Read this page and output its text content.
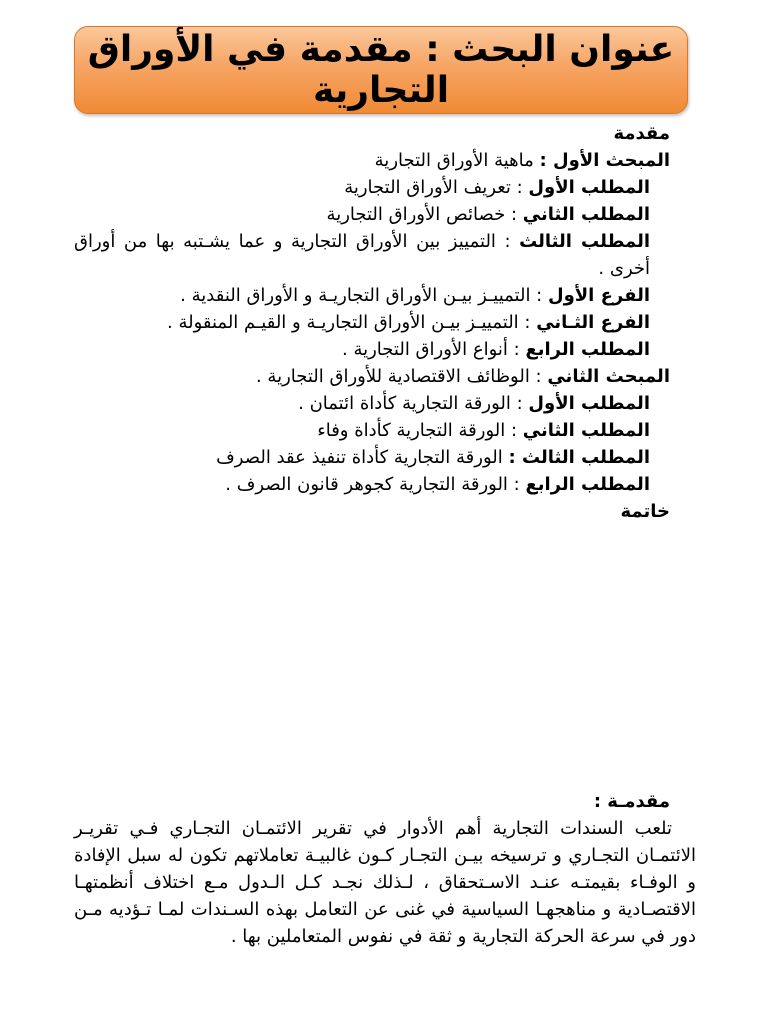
عنوان البحث : مقدمة في الأوراق التجارية
مقدمة
المبحث الأول : ماهية الأوراق التجارية
المطلب الأول : تعريف الأوراق التجارية
المطلب الثاني : خصائص الأوراق التجارية
المطلب الثالث : التمييز بين الأوراق التجارية و عما يشـتبه بها من أوراق أخرى .
الفرع الأول : التمييـز بيـن الأوراق التجاريـة و الأوراق النقدية .
الفرع الثـاني : التمييـز بيـن الأوراق التجاريـة و القيـم المنقولة .
المطلب الرابع : أنواع الأوراق التجارية .
المبحث الثاني : الوظائف الاقتصادية للأوراق التجارية .
المطلب الأول : الورقة التجارية كأداة ائتمان .
المطلب الثاني : الورقة التجارية كأداة وفاء
المطلب الثالث : الورقة التجارية كأداة تنفيذ عقد الصرف
المطلب الرابع : الورقة التجارية كجوهر قانون الصرف .
خاتمة
مقدمـة :
تلعب السندات التجارية أهم الأدوار في تقرير الائتمـان التجـاري فـي تقريـر الائتمـان التجـاري و ترسيخه بيـن التجـار كـون غالبيـة تعاملاتهم تكون له سبل الإفادة و الوفـاء بقيمتـه عنـد الاسـتحقاق ، لـذلك نجـد كـل الـدول مـع اختلاف أنظمتهـا الاقتصـادية و مناهجهـا السياسية في غنى عن التعامل بهذه السـندات لمـا تـؤديه مـن دور في سرعة الحركة التجارية و ثقة في نفوس المتعاملين بها .
